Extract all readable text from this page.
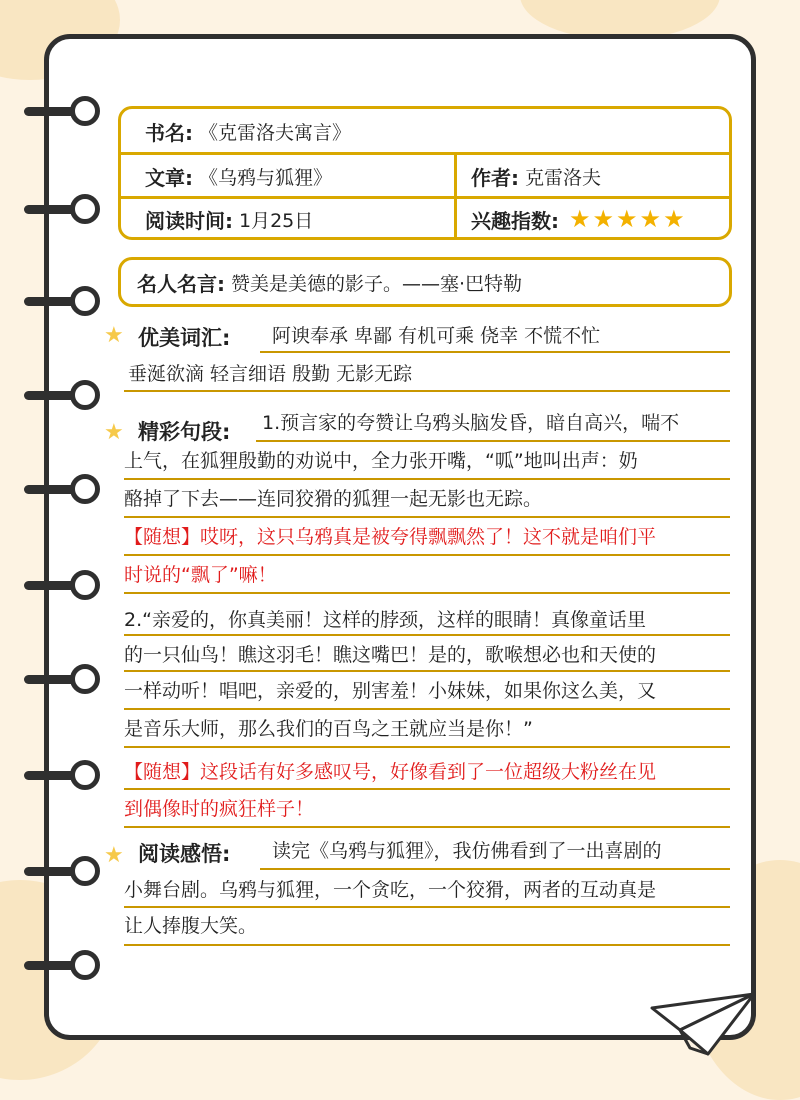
书名: 《克雷洛夫寓言》
文章: 《乌鸦与狐狸》	作者: 克雷洛夫
阅读时间: 1月25日	兴趣指数: ★★★★★
名人名言: 赞美是美德的影子。——塞·巴特勒
★ 优美词汇: 阿谀奉承 卑鄙 有机可乘 侥幸 不慌不忙
垂涎欲滴 轻言细语 殷勤 无影无踪
★ 精彩句段: 1.预言家的夸赞让乌鸦头脑发昏，暗自高兴，喘不
上气，在狐狸殷勤的劝说中，全力张开嘴，“呱”地叫出声：奶
酪掉了下去——连同狡猾的狐狸一起无影也无踪。
【随想】哎呀，这只乌鸦真是被夸得飘飘然了！这不就是咱们平
时说的“飘了”嘛！
2.“亲爱的，你真美丽！这样的脖颈，这样的眼睛！真像童话里
的一只仙鸟！瞧这羽毛！瞧这嘴巴！是的，歌喉想必也和天使的
一样动听！唱吧，亲爱的，别害羞！小妹妹，如果你这么美，又
是音乐大师，那么我们的百鸟之王就应当是你！”
【随想】这段话有好多感叹号，好像看到了一位超级大粉丝在见
到偶像时的疯狂样子！
★ 阅读感悟: 读完《乌鸦与狐狸》，我仿佛看到了一出喜剧的
小舞台剧。乌鸦与狐狸，一个贪吃，一个狡猾，两者的互动真是
让人捧腹大笑。
